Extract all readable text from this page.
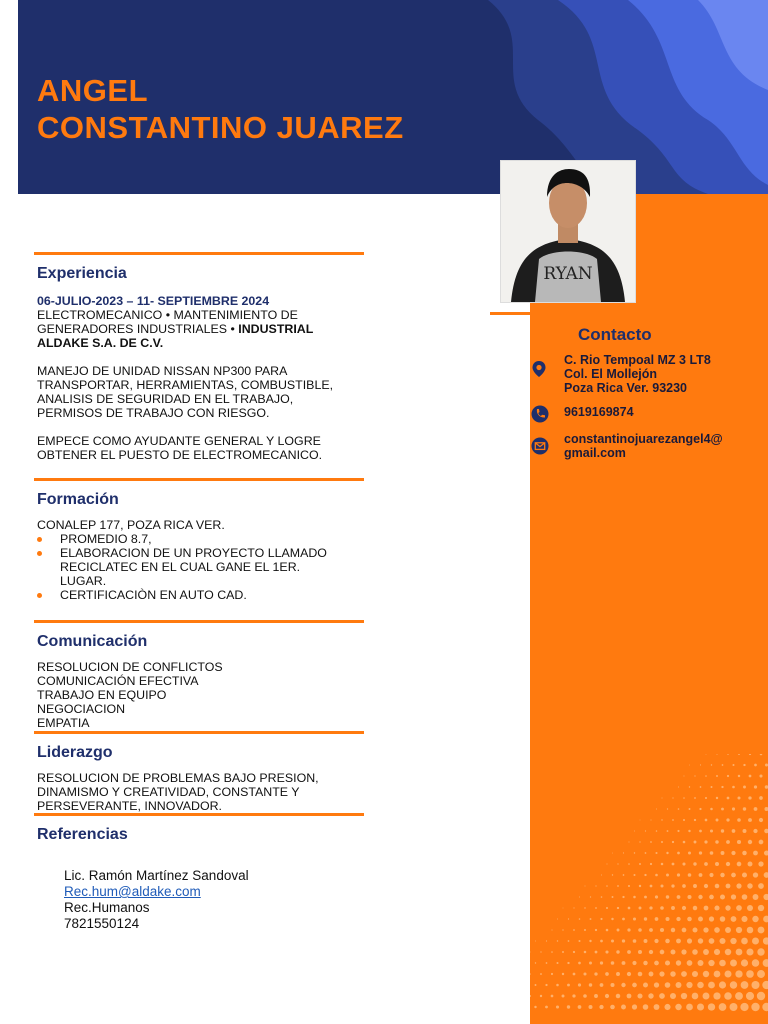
ANGEL
CONSTANTINO JUAREZ
RYAN
Contacto
C. Rio Tempoal MZ 3 LT8
Col. El Mollejón
Poza Rica Ver. 93230
9619169874
constantinojuarezangel4@
gmail.com
Experiencia
06-JULIO-2023 – 11- SEPTIEMBRE 2024
ELECTROMECANICO • MANTENIMIENTO DE
GENERADORES INDUSTRIALES • INDUSTRIAL
ALDAKE S.A. DE C.V.
MANEJO DE UNIDAD NISSAN NP300 PARA
TRANSPORTAR, HERRAMIENTAS, COMBUSTIBLE,
ANALISIS DE SEGURIDAD EN EL TRABAJO,
PERMISOS DE TRABAJO CON RIESGO.
EMPECE COMO AYUDANTE GENERAL Y LOGRE
OBTENER EL PUESTO DE ELECTROMECANICO.
Formación
CONALEP 177, POZA RICA VER.
PROMEDIO 8.7,
ELABORACION DE UN PROYECTO LLAMADO
RECICLATEC EN EL CUAL GANE EL 1ER.
LUGAR.
CERTIFICACIÒN EN AUTO CAD.
Comunicación
RESOLUCION DE CONFLICTOS
COMUNICACIÓN EFECTIVA
TRABAJO EN EQUIPO
NEGOCIACION
EMPATIA
Liderazgo
RESOLUCION DE PROBLEMAS BAJO PRESION,
DINAMISMO Y CREATIVIDAD, CONSTANTE Y
PERSEVERANTE, INNOVADOR.
Referencias
Lic. Ramón Martínez Sandoval
Rec.hum@aldake.com
Rec.Humanos
7821550124
